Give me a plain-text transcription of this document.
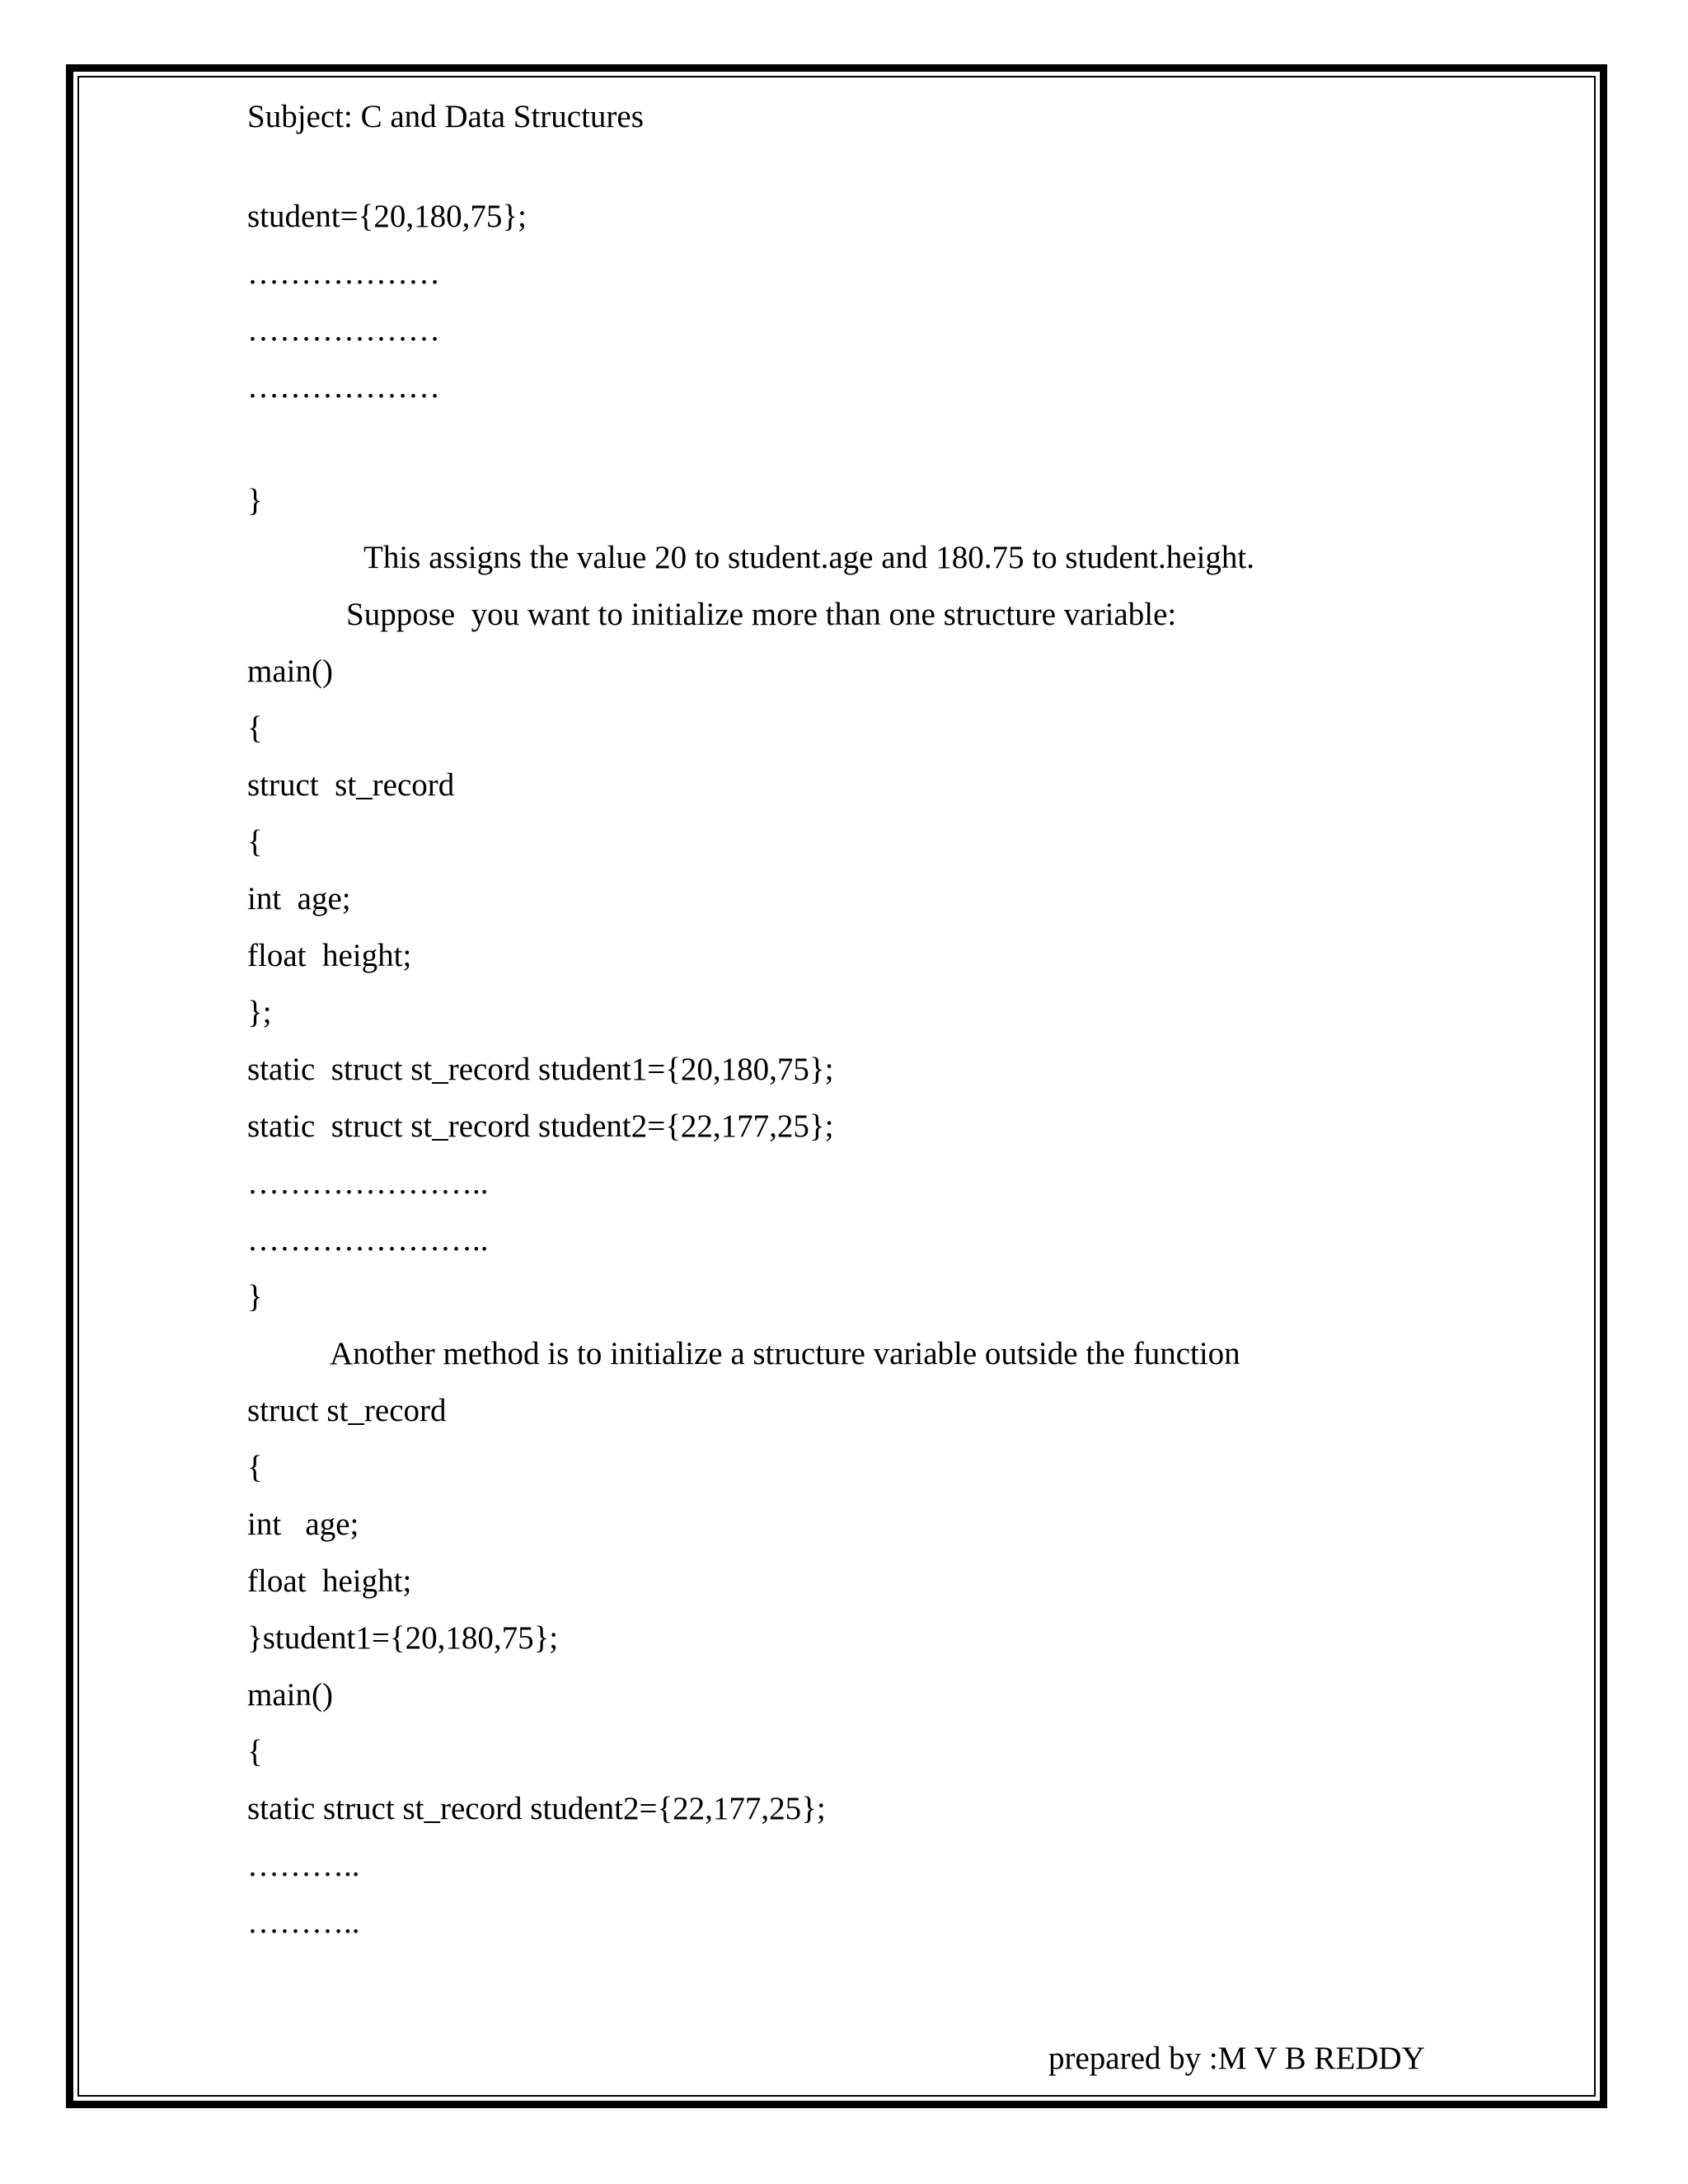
Subject: C and Data Structures
student={20,180,75};
………………
………………
………………
}
This assigns the value 20 to student.age and 180.75 to student.height.
Suppose  you want to initialize more than one structure variable:
main()
{
struct  st_record
{
int  age;
float  height;
};
static  struct st_record student1={20,180,75};
static  struct st_record student2={22,177,25};
…………………..
…………………..
}
Another method is to initialize a structure variable outside the function
struct st_record
{
int   age;
float  height;
}student1={20,180,75};
main()
{
static struct st_record student2={22,177,25};
………..
………..
prepared by :M V B REDDY
